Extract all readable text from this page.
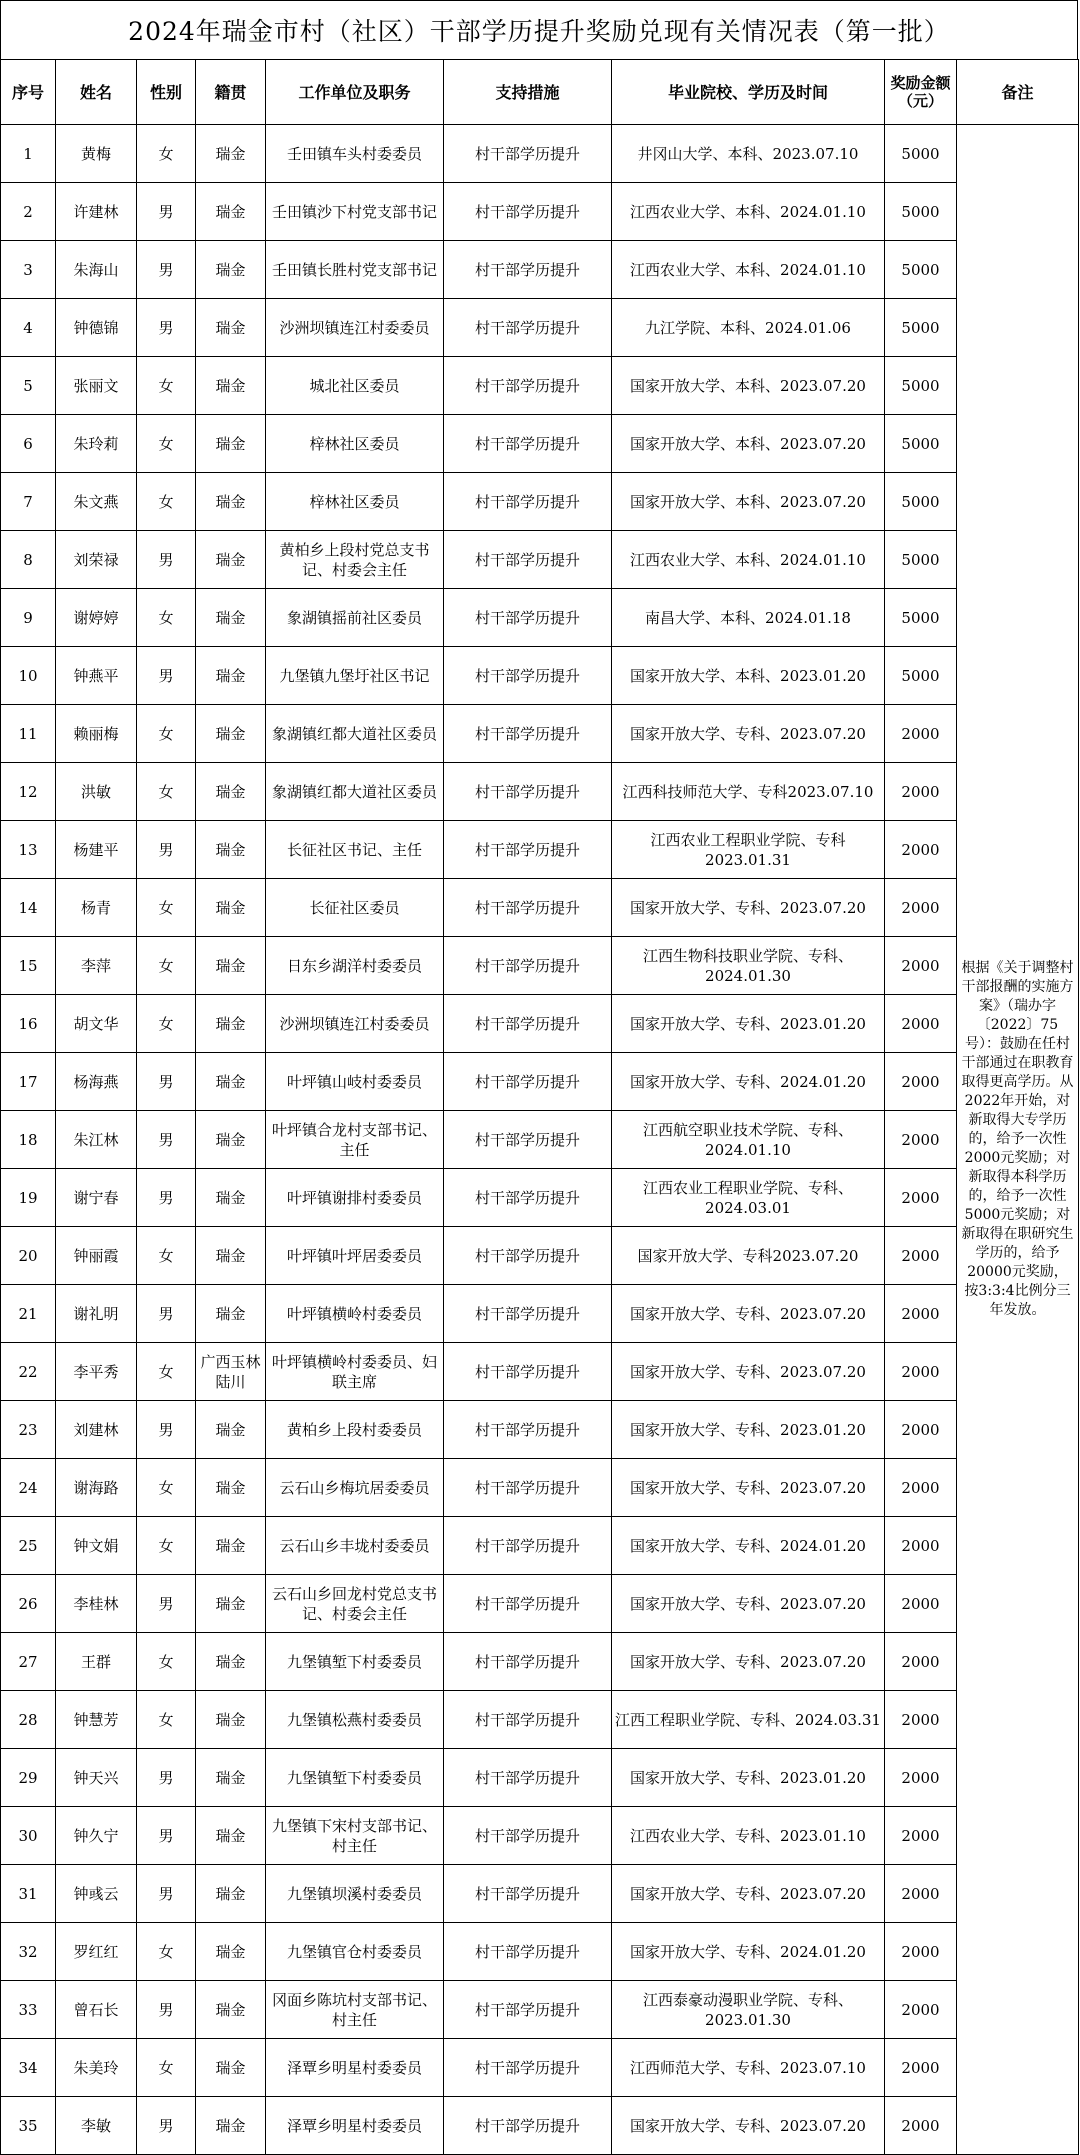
2024年瑞金市村（社区）干部学历提升奖励兑现有关情况表（第一批）
序号	姓名	性别	籍贯	工作单位及职务	支持措施	毕业院校、学历及时间	奖励金额（元）	备注
1	黄梅	女	瑞金	壬田镇车头村委委员	村干部学历提升	井冈山大学、本科、2023.07.10	5000	根据《关于调整村干部报酬的实施方案》（瑞办字〔2022〕75号）：鼓励在任村干部通过在职教育取得更高学历。从2022年开始，对新取得大专学历的，给予一次性2000元奖励；对新取得本科学历的，给予一次性5000元奖励；对新取得在职研究生学历的，给予20000元奖励，按3:3:4比例分三年发放。
2	许建林	男	瑞金	壬田镇沙下村党支部书记	村干部学历提升	江西农业大学、本科、2024.01.10	5000	
3	朱海山	男	瑞金	壬田镇长胜村党支部书记	村干部学历提升	江西农业大学、本科、2024.01.10	5000	
4	钟德锦	男	瑞金	沙洲坝镇连江村委委员	村干部学历提升	九江学院、本科、2024.01.06	5000	
5	张丽文	女	瑞金	城北社区委员	村干部学历提升	国家开放大学、本科、2023.07.20	5000	
6	朱玲莉	女	瑞金	梓林社区委员	村干部学历提升	国家开放大学、本科、2023.07.20	5000	
7	朱文燕	女	瑞金	梓林社区委员	村干部学历提升	国家开放大学、本科、2023.07.20	5000	
8	刘荣禄	男	瑞金	黄柏乡上段村党总支书记、村委会主任	村干部学历提升	江西农业大学、本科、2024.01.10	5000	
9	谢婷婷	女	瑞金	象湖镇摇前社区委员	村干部学历提升	南昌大学、本科、2024.01.18	5000	
10	钟燕平	男	瑞金	九堡镇九堡圩社区书记	村干部学历提升	国家开放大学、本科、2023.01.20	5000	
11	赖丽梅	女	瑞金	象湖镇红都大道社区委员	村干部学历提升	国家开放大学、专科、2023.07.20	2000	
12	洪敏	女	瑞金	象湖镇红都大道社区委员	村干部学历提升	江西科技师范大学、专科2023.07.10	2000	
13	杨建平	男	瑞金	长征社区书记、主任	村干部学历提升	江西农业工程职业学院、专科2023.01.31	2000	
14	杨青	女	瑞金	长征社区委员	村干部学历提升	国家开放大学、专科、2023.07.20	2000	
15	李萍	女	瑞金	日东乡湖洋村委委员	村干部学历提升	江西生物科技职业学院、专科、2024.01.30	2000	
16	胡文华	女	瑞金	沙洲坝镇连江村委委员	村干部学历提升	国家开放大学、专科、2023.01.20	2000	
17	杨海燕	男	瑞金	叶坪镇山岐村委委员	村干部学历提升	国家开放大学、专科、2024.01.20	2000	
18	朱江林	男	瑞金	叶坪镇合龙村支部书记、主任	村干部学历提升	江西航空职业技术学院、专科、2024.01.10	2000	
19	谢宁春	男	瑞金	叶坪镇谢排村委委员	村干部学历提升	江西农业工程职业学院、专科、2024.03.01	2000	
20	钟丽霞	女	瑞金	叶坪镇叶坪居委委员	村干部学历提升	国家开放大学、专科2023.07.20	2000	
21	谢礼明	男	瑞金	叶坪镇横岭村委委员	村干部学历提升	国家开放大学、专科、2023.07.20	2000	
22	李平秀	女	广西玉林陆川	叶坪镇横岭村委委员、妇联主席	村干部学历提升	国家开放大学、专科、2023.07.20	2000	
23	刘建林	男	瑞金	黄柏乡上段村委委员	村干部学历提升	国家开放大学、专科、2023.01.20	2000	
24	谢海路	女	瑞金	云石山乡梅坑居委委员	村干部学历提升	国家开放大学、专科、2023.07.20	2000	
25	钟文娟	女	瑞金	云石山乡丰垅村委委员	村干部学历提升	国家开放大学、专科、2024.01.20	2000	
26	李桂林	男	瑞金	云石山乡回龙村党总支书记、村委会主任	村干部学历提升	国家开放大学、专科、2023.07.20	2000	
27	王群	女	瑞金	九堡镇堑下村委委员	村干部学历提升	国家开放大学、专科、2023.07.20	2000	
28	钟慧芳	女	瑞金	九堡镇松燕村委委员	村干部学历提升	江西工程职业学院、专科、2024.03.31	2000	
29	钟天兴	男	瑞金	九堡镇堑下村委委员	村干部学历提升	国家开放大学、专科、2023.01.20	2000	
30	钟久宁	男	瑞金	九堡镇下宋村支部书记、村主任	村干部学历提升	江西农业大学、专科、2023.01.10	2000	
31	钟彧云	男	瑞金	九堡镇坝溪村委委员	村干部学历提升	国家开放大学、专科、2023.07.20	2000	
32	罗红红	女	瑞金	九堡镇官仓村委委员	村干部学历提升	国家开放大学、专科、2024.01.20	2000	
33	曾石长	男	瑞金	冈面乡陈坑村支部书记、村主任	村干部学历提升	江西泰豪动漫职业学院、专科、2023.01.30	2000	
34	朱美玲	女	瑞金	泽覃乡明星村委委员	村干部学历提升	江西师范大学、专科、2023.07.10	2000	
35	李敏	男	瑞金	泽覃乡明星村委委员	村干部学历提升	国家开放大学、专科、2023.07.20	2000	
